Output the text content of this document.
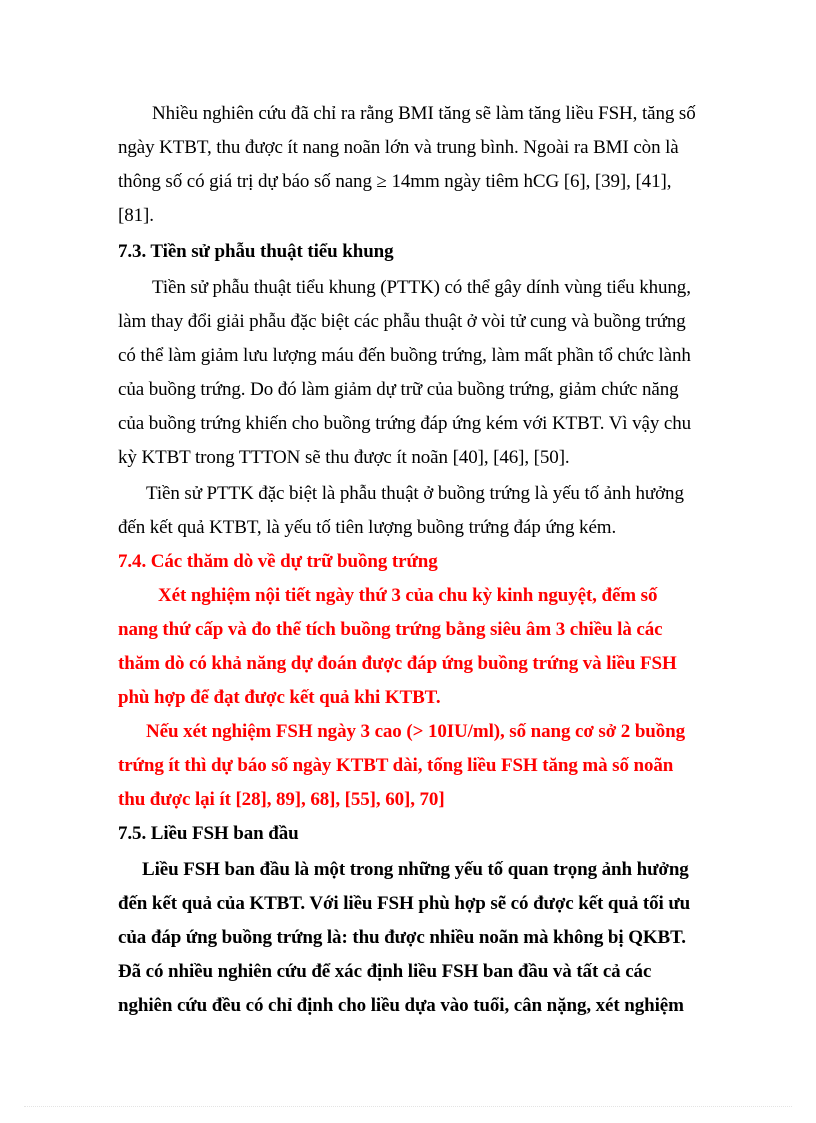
Nhiều nghiên cứu đã chỉ ra rằng BMI tăng sẽ làm tăng liều FSH, tăng số
ngày KTBT, thu được ít nang noãn lớn và trung bình. Ngoài ra BMI còn là
thông số có giá trị dự báo số nang ≥ 14mm ngày tiêm hCG [6], [39], [41],
[81].
7.3. Tiền sử phẫu thuật tiểu khung
Tiền sử phẫu thuật tiểu khung (PTTK) có thể gây dính vùng tiểu khung,
làm thay đổi giải phẫu đặc biệt các phẫu thuật ở vòi tử cung và buồng trứng
có thể làm giảm lưu lượng máu đến buồng trứng, làm mất phần tổ chức lành
của buồng trứng. Do đó làm giảm dự trữ của buồng trứng, giảm chức năng
của buồng trứng khiến cho buồng trứng đáp ứng kém với KTBT. Vì vậy chu
kỳ KTBT trong TTTON sẽ thu được ít noãn [40], [46], [50].
Tiền sử PTTK đặc biệt là phẫu thuật ở buồng trứng là yếu tố ảnh hưởng
đến kết quả KTBT, là yếu tố tiên lượng buồng trứng đáp ứng kém.
7.4. Các thăm dò về dự trữ buồng trứng
Xét nghiệm nội tiết ngày thứ 3 của chu kỳ kinh nguyệt, đếm số
nang thứ cấp và đo thể tích buồng trứng bằng siêu âm 3 chiều là các
thăm dò có khả năng dự đoán được đáp ứng buồng trứng và liều FSH
phù hợp để đạt được kết quả khi KTBT.
Nếu xét nghiệm FSH ngày 3 cao (> 10IU/ml), số nang cơ sở 2 buồng
trứng ít thì dự báo số ngày KTBT dài, tổng liều FSH tăng mà số noãn
thu được lại ít [28], 89], 68], [55], 60], 70]
7.5. Liều FSH ban đầu
Liều FSH ban đầu là một trong những yếu tố quan trọng ảnh hưởng
đến kết quả của KTBT. Với liều FSH phù hợp sẽ có được kết quả tối ưu
của đáp ứng buồng trứng là: thu được nhiều noãn mà không bị QKBT.
Đã có nhiều nghiên cứu để xác định liều FSH ban đầu và tất cả các
nghiên cứu đều có chỉ định cho liều dựa vào tuổi, cân nặng, xét nghiệm
